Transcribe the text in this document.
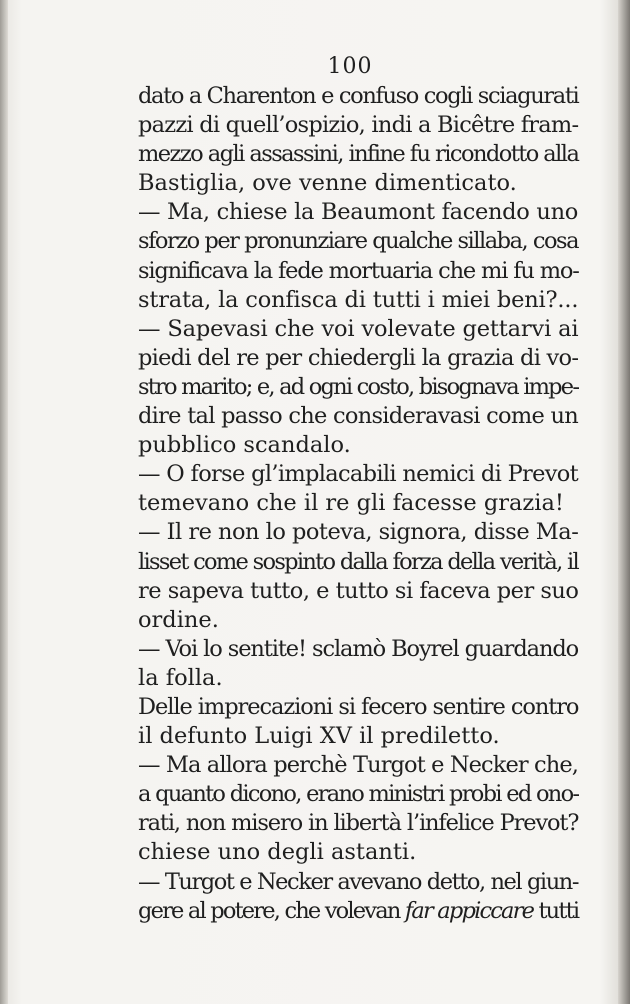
100
dato a Charenton e confuso cogli sciagurati
pazzi di quell’ospizio, indi a Bicêtre fram-
mezzo agli assassini, infine fu ricondotto alla
Bastiglia, ove venne dimenticato.
— Ma, chiese la Beaumont facendo uno
sforzo per pronunziare qualche sillaba, cosa
significava la fede mortuaria che mi fu mo-
strata, la confisca di tutti i miei beni?...
— Sapevasi che voi volevate gettarvi ai
piedi del re per chiedergli la grazia di vo-
stro marito; e, ad ogni costo, bisognava impe-
dire tal passo che consideravasi come un
pubblico scandalo.
— O forse gl’implacabili nemici di Prevot
temevano che il re gli facesse grazia!
— Il re non lo poteva, signora, disse Ma-
lisset come sospinto dalla forza della verità, il
re sapeva tutto, e tutto si faceva per suo
ordine.
— Voi lo sentite! sclamò Boyrel guardando
la folla.
Delle imprecazioni si fecero sentire contro
il defunto Luigi XV il prediletto.
— Ma allora perchè Turgot e Necker che,
a quanto dicono, erano ministri probi ed ono-
rati, non misero in libertà l’infelice Prevot?
chiese uno degli astanti.
— Turgot e Necker avevano detto, nel giun-
gere al potere, che volevan far appiccare tutti
